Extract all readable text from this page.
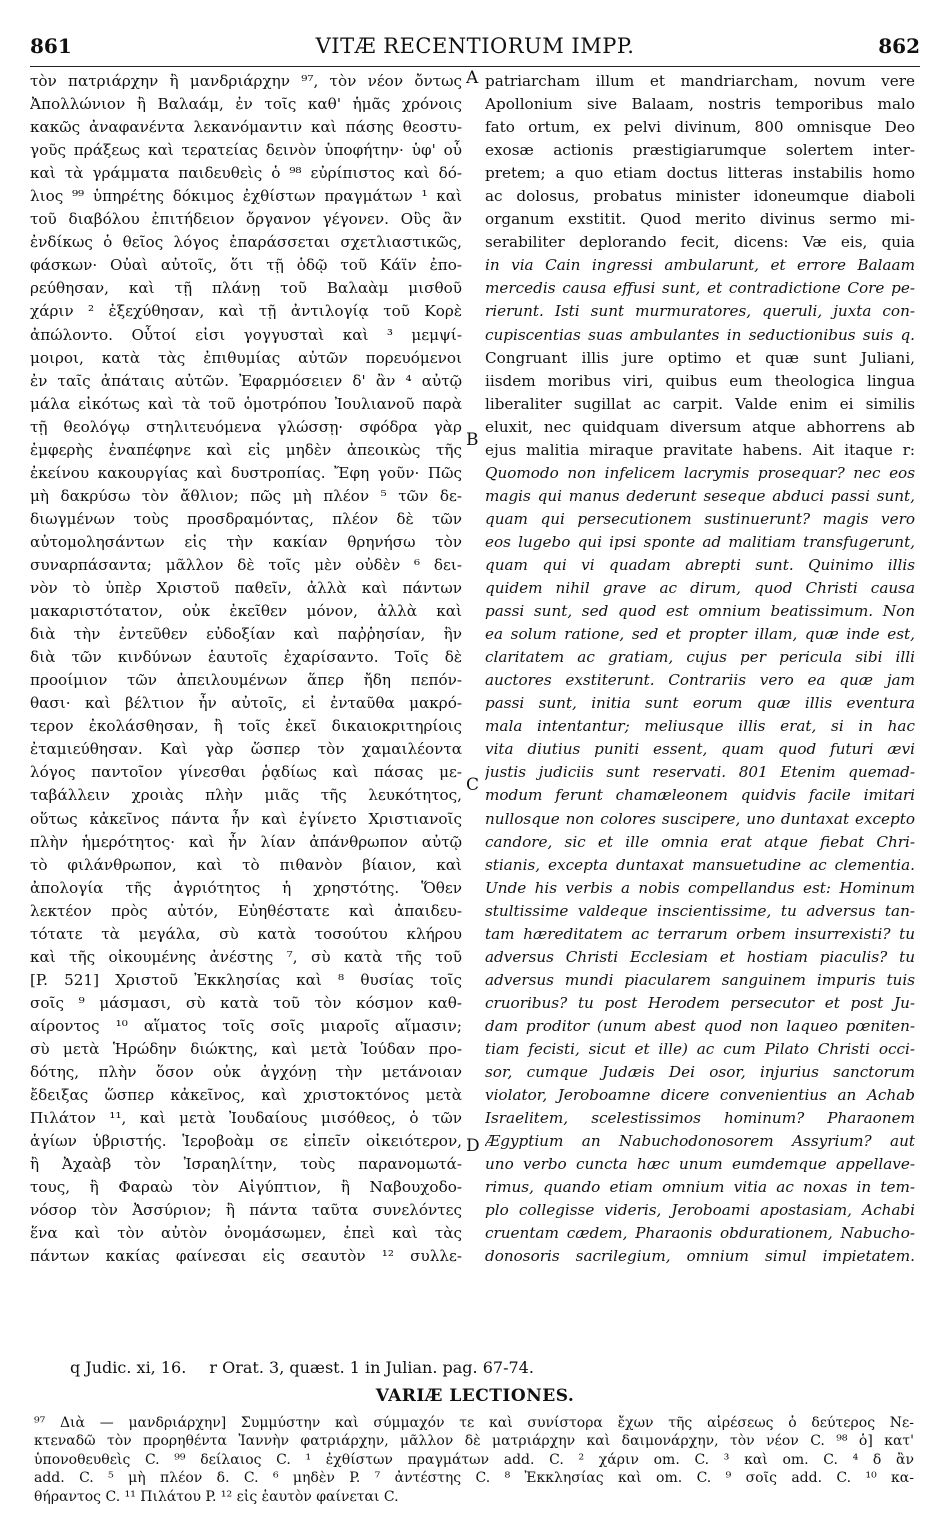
861	VITÆ RECENTIORUM IMPP.	862
τὸν πατριάρχην ἢ μανδριάρχην ⁹⁷, τὸν νέον ὄντως
Ἀπολλώνιον ἢ Βαλαάμ, ἐν τοῖς καθ' ἡμᾶς χρόνοις
κακῶς ἀναφανέντα λεκανόμαντιν καὶ πάσης θεοστυ-
γοῦς πράξεως καὶ τερατείας δεινὸν ὑποφήτην· ὑφ' οὗ
καὶ τὰ γράμματα παιδευθεὶς ὁ ⁹⁸ εὐρίπιστος καὶ δό-
λιος ⁹⁹ ὑπηρέτης δόκιμος ἐχθίστων πραγμάτων ¹ καὶ
τοῦ διαβόλου ἐπιτήδειον ὄργανον γέγονεν. Οὓς ἂν
ἐνδίκως ὁ θεῖος λόγος ἐπαράσσεται σχετλιαστικῶς,
φάσκων· Οὐαὶ αὐτοῖς, ὅτι τῇ ὁδῷ τοῦ Κάϊν ἐπο-
ρεύθησαν, καὶ τῇ πλάνῃ τοῦ Βαλαὰμ μισθοῦ
χάριν ² ἐξεχύθησαν, καὶ τῇ ἀντιλογίᾳ τοῦ Κορὲ
ἀπώλοντο. Οὗτοί εἰσι γογγυσταὶ καὶ ³ μεμψί-
μοιροι, κατὰ τὰς ἐπιθυμίας αὐτῶν πορευόμενοι
ἐν ταῖς ἀπάταις αὐτῶν. Ἐφαρμόσειεν δ' ἂν ⁴ αὐτῷ
μάλα εἰκότως καὶ τὰ τοῦ ὁμοτρόπου Ἰουλιανοῦ παρὰ
τῇ θεολόγῳ στηλιτευόμενα γλώσσῃ· σφόδρα γὰρ
ἐμφερὴς ἐναπέφηνε καὶ εἰς μηδὲν ἀπεοικὼς τῆς
ἐκείνου κακουργίας καὶ δυστροπίας. Ἔφη γοῦν· Πῶς
μὴ δακρύσω τὸν ἄθλιον; πῶς μὴ πλέον ⁵ τῶν δε-
διωγμένων τοὺς προσδραμόντας, πλέον δὲ τῶν
αὐτομολησάντων εἰς τὴν κακίαν θρηνήσω τὸν
συναρπάσαντα; μᾶλλον δὲ τοῖς μὲν οὐδὲν ⁶ δει-
νὸν τὸ ὑπὲρ Χριστοῦ παθεῖν, ἀλλὰ καὶ πάντων
μακαριστότατον, οὐκ ἐκεῖθεν μόνον, ἀλλὰ καὶ
διὰ τὴν ἐντεῦθεν εὐδοξίαν καὶ παῤῥησίαν, ἣν
διὰ τῶν κινδύνων ἑαυτοῖς ἐχαρίσαντο. Τοῖς δὲ
προοίμιον τῶν ἀπειλουμένων ἅπερ ἤδη πεπόν-
θασι· καὶ βέλτιον ἦν αὐτοῖς, εἰ ἐνταῦθα μακρό-
τερον ἐκολάσθησαν, ἢ τοῖς ἐκεῖ δικαιοκριτηρίοις
ἐταμιεύθησαν. Καὶ γὰρ ὥσπερ τὸν χαμαιλέοντα
λόγος παντοῖον γίνεσθαι ῥᾳδίως καὶ πάσας με-
ταβάλλειν χροιὰς πλὴν μιᾶς τῆς λευκότητος,
οὕτως κἀκεῖνος πάντα ἦν καὶ ἐγίνετο Χριστιανοῖς
πλὴν ἡμερότητος· καὶ ἦν λίαν ἀπάνθρωπον αὐτῷ
τὸ φιλάνθρωπον, καὶ τὸ πιθανὸν βίαιον, καὶ
ἀπολογία τῆς ἀγριότητος ἡ χρηστότης. Ὅθεν
λεκτέον πρὸς αὐτόν, Εὐηθέστατε καὶ ἀπαιδευ-
τότατε τὰ μεγάλα, σὺ κατὰ τοσούτου κλήρου
καὶ τῆς οἰκουμένης ἀνέστης ⁷, σὺ κατὰ τῆς τοῦ
[P. 521] Χριστοῦ Ἐκκλησίας καὶ ⁸ θυσίας τοῖς
σοῖς ⁹ μάσμασι, σὺ κατὰ τοῦ τὸν κόσμον καθ-
αίροντος ¹⁰ αἵματος τοῖς σοῖς μιαροῖς αἵμασιν;
σὺ μετὰ Ἡρώδην διώκτης, καὶ μετὰ Ἰούδαν προ-
δότης, πλὴν ὅσον οὐκ ἀγχόνῃ τὴν μετάνοιαν
ἔδειξας ὥσπερ κἀκεῖνος, καὶ χριστοκτόνος μετὰ
Πιλάτον ¹¹, καὶ μετὰ Ἰουδαίους μισόθεος, ὁ τῶν
ἁγίων ὑβριστής. Ἱεροβοὰμ σε εἰπεῖν οἰκειότερον,
ἢ Ἀχαὰβ τὸν Ἰσραηλίτην, τοὺς παρανομωτά-
τους, ἢ Φαραὼ τὸν Αἰγύπτιον, ἢ Ναβουχοδο-
νόσορ τὸν Ἀσσύριον; ἢ πάντα ταῦτα συνελόντες
ἕνα καὶ τὸν αὐτὸν ὀνομάσωμεν, ἐπεὶ καὶ τὰς
πάντων κακίας φαίνεσαι εἰς σεαυτὸν ¹² συλλε-
patriarcham illum et mandriarcham, novum vere
Apollonium sive Balaam, nostris temporibus malo
fato ortum, ex pelvi divinum, 800 omnisque Deo
exosæ actionis præstigiarumque solertem inter-
pretem; a quo etiam doctus litteras instabilis homo
ac dolosus, probatus minister idoneumque diaboli
organum exstitit. Quod merito divinus sermo mi-
serabiliter deplorando fecit, dicens: Væ eis, quia
in via Cain ingressi ambularunt, et errore Balaam
mercedis causa effusi sunt, et contradictione Core pe-
rierunt. Isti sunt murmuratores, queruli, juxta con-
cupiscentias suas ambulantes in seductionibus suis q.
Congruant illis jure optimo et quæ sunt Juliani,
iisdem moribus viri, quibus eum theologica lingua
liberaliter sugillat ac carpit. Valde enim ei similis
eluxit, nec quidquam diversum atque abhorrens ab
ejus malitia miraque pravitate habens. Ait itaque r:
Quomodo non infelicem lacrymis prosequar? nec eos
magis qui manus dederunt seseque abduci passi sunt,
quam qui persecutionem sustinuerunt? magis vero
eos lugebo qui ipsi sponte ad malitiam transfugerunt,
quam qui vi quadam abrepti sunt. Quinimo illis
quidem nihil grave ac dirum, quod Christi causa
passi sunt, sed quod est omnium beatissimum. Non
ea solum ratione, sed et propter illam, quæ inde est,
claritatem ac gratiam, cujus per pericula sibi illi
auctores exstiterunt. Contrariis vero ea quæ jam
passi sunt, initia sunt eorum quæ illis eventura
mala intentantur; meliusque illis erat, si in hac
vita diutius puniti essent, quam quod futuri ævi
justis judiciis sunt reservati. 801 Etenim quemad-
modum ferunt chamæleonem quidvis facile imitari
nullosque non colores suscipere, uno duntaxat excepto
candore, sic et ille omnia erat atque fiebat Chri-
stianis, excepta duntaxat mansuetudine ac clementia.
Unde his verbis a nobis compellandus est: Hominum
stultissime valdeque inscientissime, tu adversus tan-
tam hæreditatem ac terrarum orbem insurrexisti? tu
adversus Christi Ecclesiam et hostiam piaculis? tu
adversus mundi piacularem sanguinem impuris tuis
cruoribus? tu post Herodem persecutor et post Ju-
dam proditor (unum abest quod non laqueo pœniten-
tiam fecisti, sicut et ille) ac cum Pilato Christi occi-
sor, cumque Judæis Dei osor, injurius sanctorum
violator, Jeroboamne dicere convenientius an Achab
Israelitem, scelestissimos hominum? Pharaonem
Ægyptium an Nabuchodonosorem Assyrium? aut
uno verbo cuncta hæc unum eumdemque appellave-
rimus, quando etiam omnium vitia ac noxas in tem-
plo collegisse videris, Jeroboami apostasiam, Achabi
cruentam cædem, Pharaonis obdurationem, Nabucho-
donosoris sacrilegium, omnium simul impietatem.
A
B
C
D
q Judic. xi, 16. r Orat. 3, quæst. 1 in Julian. pag. 67-74.
VARIÆ LECTIONES.
⁹⁷ Διὰ — μανδριάρχην] Συμμύστην καὶ σύμμαχόν τε καὶ συνίστορα ἔχων τῆς αἱρέσεως ὁ δεύτερος Νε-
κτεναδῶ τὸν προρηθέντα Ἰαννὴν φατριάρχην, μᾶλλον δὲ ματριάρχην καὶ δαιμονάρχην, τὸν νέον C. ⁹⁸ ὁ] κατ'
ὑπονοθευθεὶς C. ⁹⁹ δείλαιος C. ¹ ἐχθίστων πραγμάτων add. C. ² χάριν om. C. ³ καὶ om. C. ⁴ δ ἂν
add. C. ⁵ μὴ πλέον δ. C. ⁶ μηδὲν P. ⁷ ἀντέστης C. ⁸ Ἐκκλησίας καὶ om. C. ⁹ σοῖς add. C. ¹⁰ κα-
θήραντος C. ¹¹ Πιλάτου P. ¹² εἰς ἑαυτὸν φαίνεται C.
